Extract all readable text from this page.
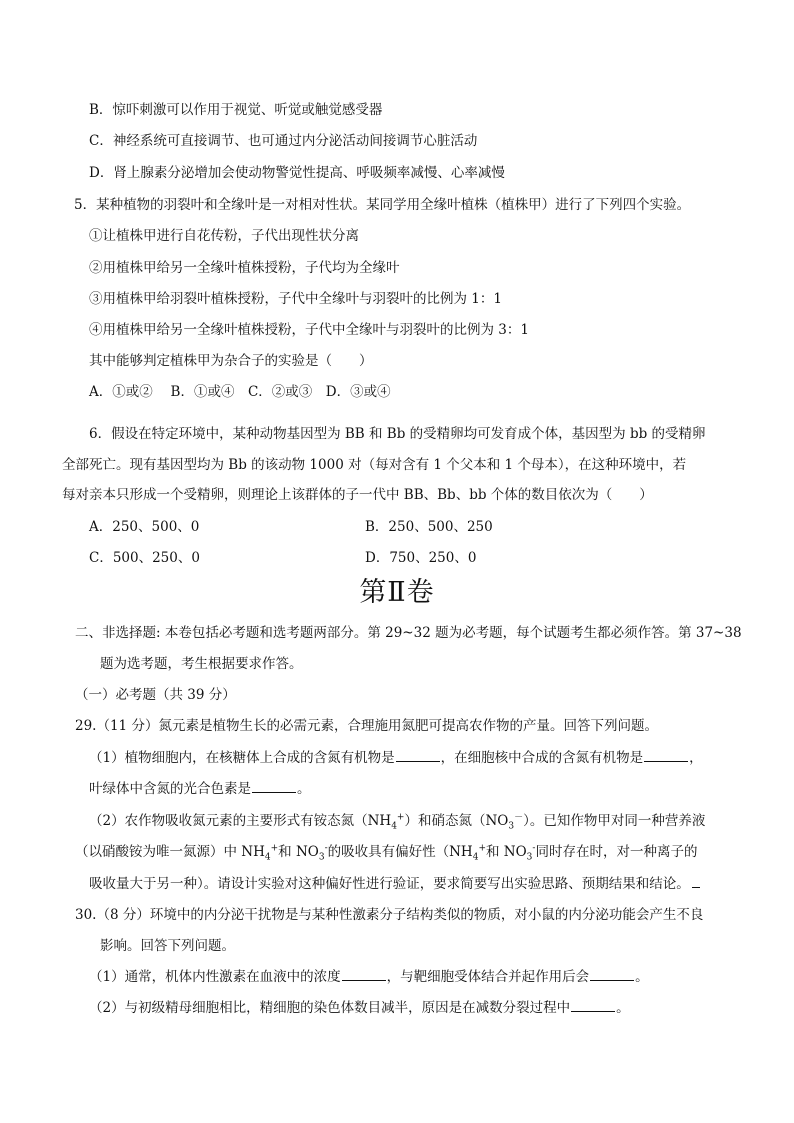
B．惊吓刺激可以作用于视觉、听觉或触觉感受器
C．神经系统可直接调节、也可通过内分泌活动间接调节心脏活动
D．肾上腺素分泌增加会使动物警觉性提高、呼吸频率减慢、心率减慢
5．某种植物的羽裂叶和全缘叶是一对相对性状。某同学用全缘叶植株（植株甲）进行了下列四个实验。
①让植株甲进行自花传粉，子代出现性状分离
②用植株甲给另一全缘叶植株授粉，子代均为全缘叶
③用植株甲给羽裂叶植株授粉，子代中全缘叶与羽裂叶的比例为 1：1
④用植株甲给另一全缘叶植株授粉，子代中全缘叶与羽裂叶的比例为 3：1
其中能够判定植株甲为杂合子的实验是（　　）
A．①或②　 B．①或④　C．②或③　D．③或④
6．假设在特定环境中，某种动物基因型为 BB 和 Bb 的受精卵均可发育成个体，基因型为 bb 的受精卵
全部死亡。现有基因型均为 Bb 的该动物 1000 对（每对含有 1 个父本和 1 个母本），在这种环境中，若
每对亲本只形成一个受精卵，则理论上该群体的子一代中 BB、Bb、bb 个体的数目依次为（　　）
A．250、500、0	B．250、500、250
C．500、250、0	D．750、250、0
第Ⅱ卷
二、非选择题: 本卷包括必考题和选考题两部分。第 29~32 题为必考题，每个试题考生都必须作答。第 37~38
题为选考题，考生根据要求作答。
（一）必考题（共 39 分）
29.（11 分）氮元素是植物生长的必需元素，合理施用氮肥可提高农作物的产量。回答下列问题。
（1）植物细胞内，在核糖体上合成的含氮有机物是	，在细胞核中合成的含氮有机物是	，
叶绿体中含氮的光合色素是	。
（2）农作物吸收氮元素的主要形式有铵态氮$(NH_4^+)$和硝态氮$(NO_3^-)$。已知作物甲对同一种营养液
（以硝酸铵为唯一氮源）中 $NH_4^+$和 $NO_3^-$的吸收具有偏好性（$NH_4^+$和 $NO_3^-$同时存在时，对一种离子的
吸收量大于另一种）。请设计实验对这种偏好性进行验证，要求简要写出实验思路、预期结果和结论。
30.（8 分）环境中的内分泌干扰物是与某种性激素分子结构类似的物质，对小鼠的内分泌功能会产生不良
影响。回答下列问题。
（1）通常，机体内性激素在血液中的浓度	，与靶细胞受体结合并起作用后会	。
（2）与初级精母细胞相比，精细胞的染色体数目减半，原因是在减数分裂过程中	。
